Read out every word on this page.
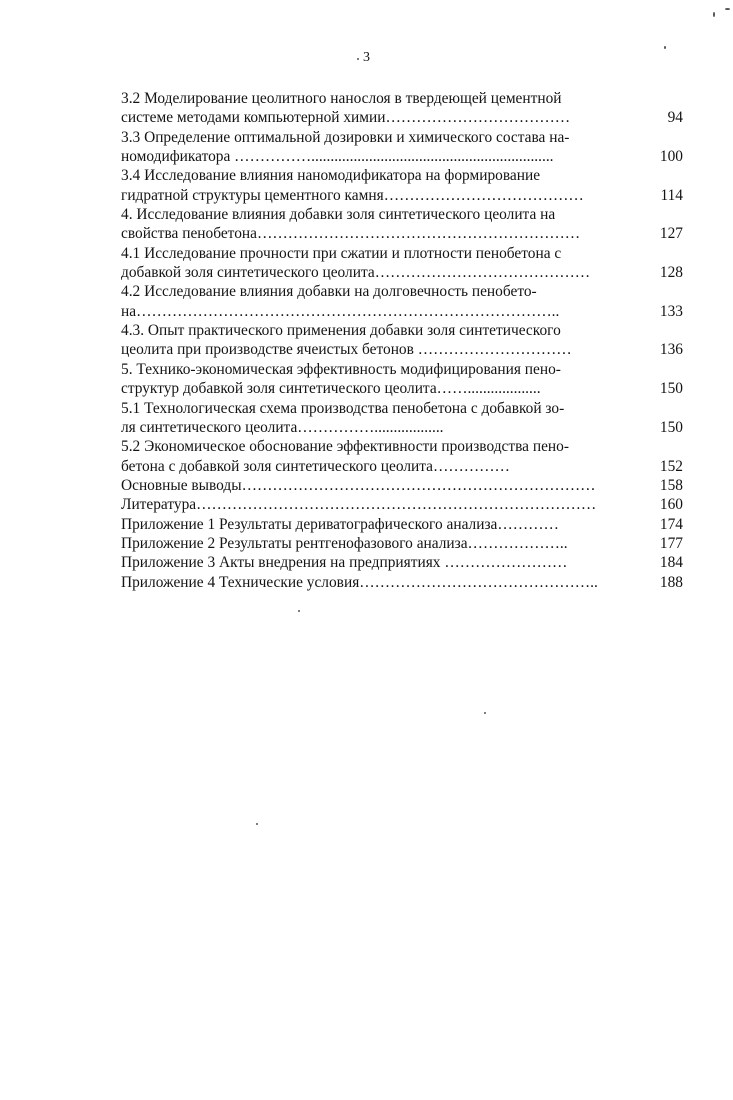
3
3.2 Моделирование цеолитного нанослоя в твердеющей цементной
системе методами компьютерной химии………………………………	94
3.3 Определение оптимальной дозировки и химического состава на-
номодификатора ……………...............................................................	100
3.4 Исследование влияния наномодификатора на формирование
гидратной структуры цементного камня…………………………………	114
4. Исследование влияния добавки золя синтетического цеолита на
свойства пенобетона………………………………………………………	127
4.1 Исследование прочности при сжатии и плотности пенобетона с
добавкой золя синтетического цеолита……………………………………	128
4.2 Исследование влияния добавки на долговечность пенобето-
на………………………………………………………………………..	133
4.3. Опыт практического применения добавки золя синтетического
цеолита при производстве ячеистых бетонов …………………………	136
5. Технико-экономическая эффективность модифицирования пено-
структур добавкой золя синтетического цеолита……...................	150
5.1 Технологическая схема производства пенобетона с добавкой зо-
ля синтетического цеолита……………..................	150
5.2 Экономическое обоснование эффективности производства пено-
бетона с добавкой золя синтетического цеолита……………	152
Основные выводы……………………………………………………………	158
Литература……………………………………………………………………	160
Приложение 1 Результаты дериватографического анализа…………	174
Приложение 2 Результаты рентгенофазового анализа………………..	177
Приложение 3 Акты внедрения на предприятиях ……………………	184
Приложение 4 Технические условия………………………………………..	188
